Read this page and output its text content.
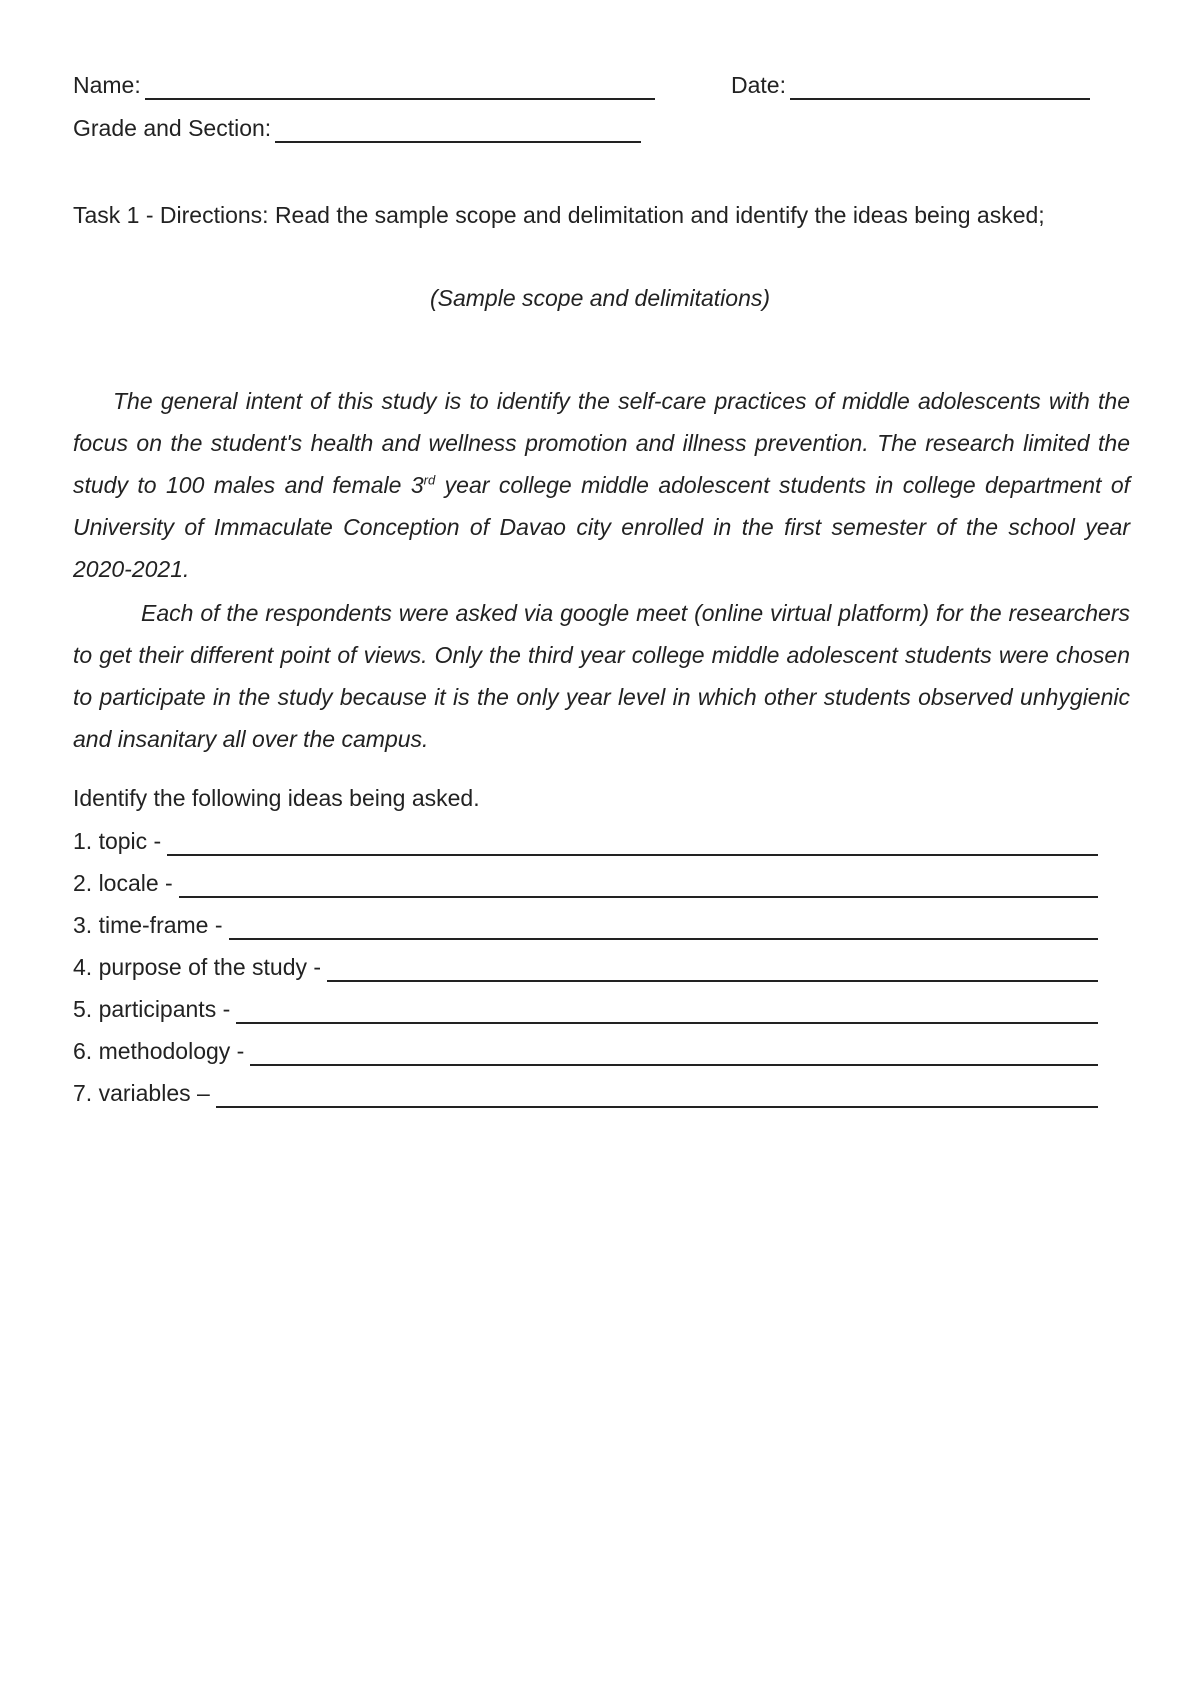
Name:	Date:
Grade and Section:
Task 1 - Directions: Read the sample scope and delimitation and identify the ideas being asked;
(Sample scope and delimitations)

The general intent of this study is to identify the self-care practices of middle adolescents with the focus on the student's health and wellness promotion and illness prevention. The research limited the study to 100 males and female 3rd year college middle adolescent students in college department of University of Immaculate Conception of Davao city enrolled in the first semester of the school year 2020-2021.

Each of the respondents were asked via google meet (online virtual platform) for the researchers to get their different point of views. Only the third year college middle adolescent students were chosen to participate in the study because it is the only year level in which other students observed unhygienic and insanitary all over the campus.

Identify the following ideas being asked.
1. topic -
2. locale -
3. time-frame -
4. purpose of the study -
5. participants -
6. methodology -
7. variables –
